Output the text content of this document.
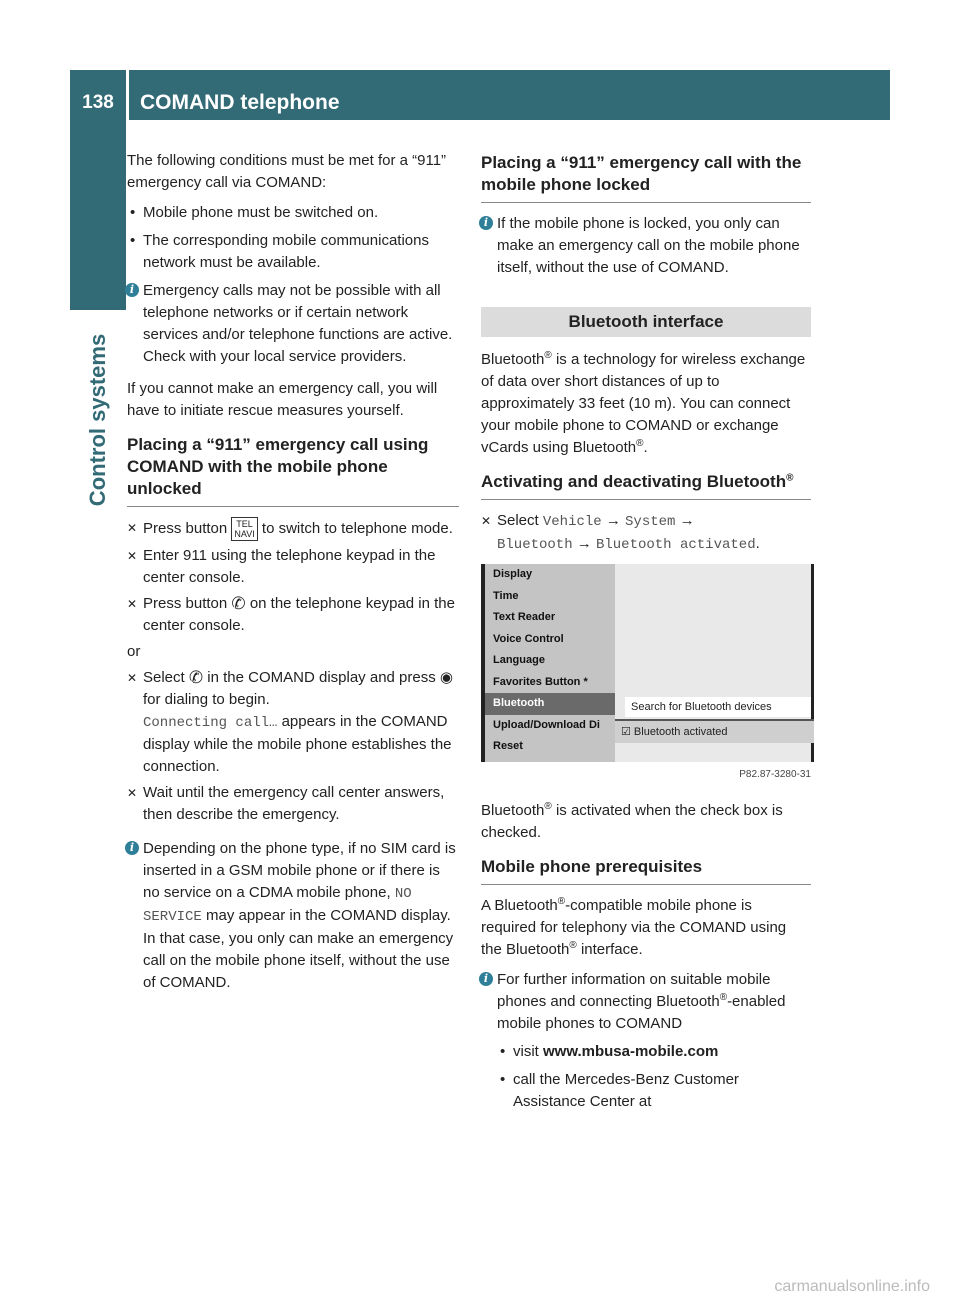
138	COMAND telephone
Control systems

The following conditions must be met for a “911” emergency call via COMAND:

• Mobile phone must be switched on.
• The corresponding mobile communications network must be available.
i Emergency calls may not be possible with all telephone networks or if certain network services and/or telephone functions are active. Check with your local service providers.

If you cannot make an emergency call, you will have to initiate rescue measures yourself.

Placing a “911” emergency call using COMAND with the mobile phone unlocked
✕ Press button TEL
NAVI to switch to telephone mode.
✕ Enter 911 using the telephone keypad in the center console.
✕ Press button ✆ on the telephone keypad in the center console.

or

✕ Select ✆ in the COMAND display and press ◉ for dialing to begin.
Connecting call… appears in the COMAND display while the mobile phone establishes the connection.
✕ Wait until the emergency call center answers, then describe the emergency.
i Depending on the phone type, if no SIM card is inserted in a GSM mobile phone or if there is no service on a CDMA mobile phone, NO SERVICE may appear in the COMAND display. In that case, you only can make an emergency call on the mobile phone itself, without the use of COMAND.
Placing a “911” emergency call with the mobile phone locked
i If the mobile phone is locked, you only can make an emergency call on the mobile phone itself, without the use of COMAND.
Bluetooth interface

Bluetooth® is a technology for wireless exchange of data over short distances of up to approximately 33 feet (10 m). You can connect your mobile phone to COMAND or exchange vCards using Bluetooth®.

Activating and deactivating Bluetooth®
✕ Select Vehicle → System →
Bluetooth → Bluetooth activated.
Display
Time
Text Reader
Voice Control
Language
Favorites Button *
Bluetooth
Upload/Download Di
Reset
Search for Bluetooth devices
☑ Bluetooth activated
P82.87-3280-31

Bluetooth® is activated when the check box is checked.

Mobile phone prerequisites

A Bluetooth®-compatible mobile phone is required for telephony via the COMAND using the Bluetooth® interface.

i For further information on suitable mobile phones and connecting Bluetooth®-enabled mobile phones to COMAND
• visit www.mbusa-mobile.com
• call the Mercedes-Benz Customer Assistance Center at
carmanualsonline.info
